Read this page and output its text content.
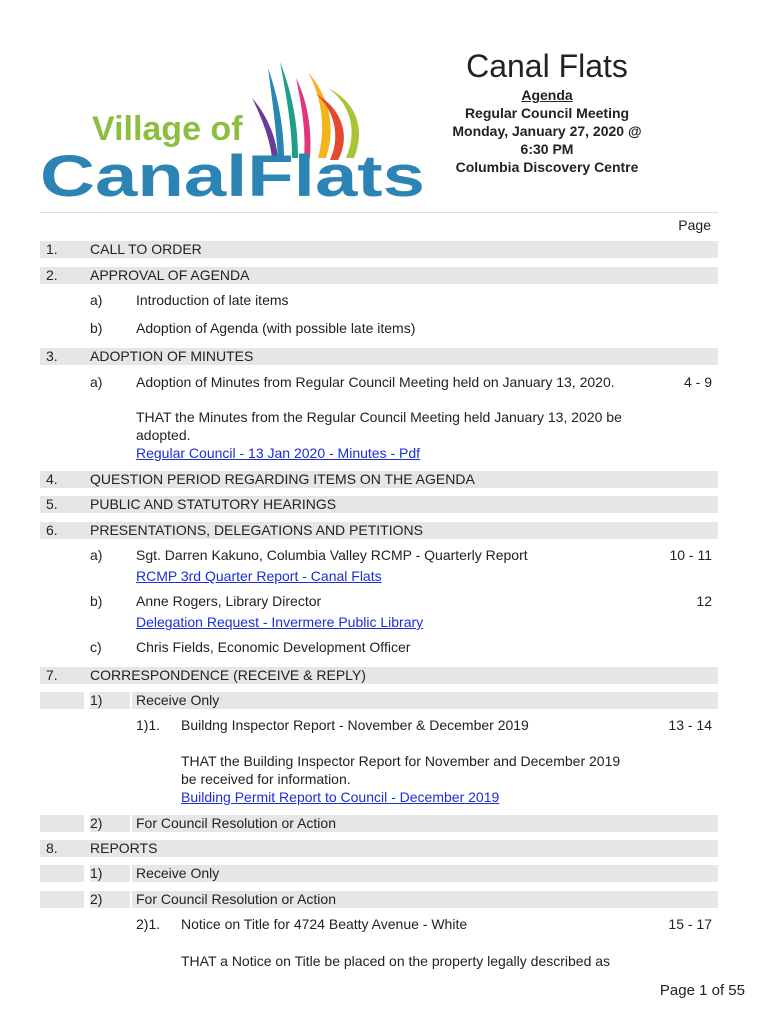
Village of
CanalFlats
Canal Flats
Agenda
Regular Council Meeting
Monday, January 27, 2020 @
6:30 PM
Columbia Discovery Centre
Page
1. CALL TO ORDER
2. APPROVAL OF AGENDA
a) Introduction of late items
b) Adoption of Agenda (with possible late items)
3. ADOPTION OF MINUTES
a) Adoption of Minutes from Regular Council Meeting held on January 13, 2020.	4 - 9
THAT the Minutes from the Regular Council Meeting held January 13, 2020 be
adopted.
Regular Council - 13 Jan 2020 - Minutes - Pdf
4. QUESTION PERIOD REGARDING ITEMS ON THE AGENDA
5. PUBLIC AND STATUTORY HEARINGS
6. PRESENTATIONS, DELEGATIONS AND PETITIONS
a) Sgt. Darren Kakuno, Columbia Valley RCMP - Quarterly Report	10 - 11
RCMP 3rd Quarter Report - Canal Flats
b) Anne Rogers, Library Director	12
Delegation Request - Invermere Public Library
c) Chris Fields, Economic Development Officer
7. CORRESPONDENCE (RECEIVE & REPLY)
1) Receive Only
1)1. Buildng Inspector Report - November & December 2019	13 - 14
THAT the Building Inspector Report for November and December 2019
be received for information.
Building Permit Report to Council - December 2019
2) For Council Resolution or Action
8. REPORTS
1) Receive Only
2) For Council Resolution or Action
2)1. Notice on Title for 4724 Beatty Avenue - White	15 - 17
THAT a Notice on Title be placed on the property legally described as
Page 1 of 55
